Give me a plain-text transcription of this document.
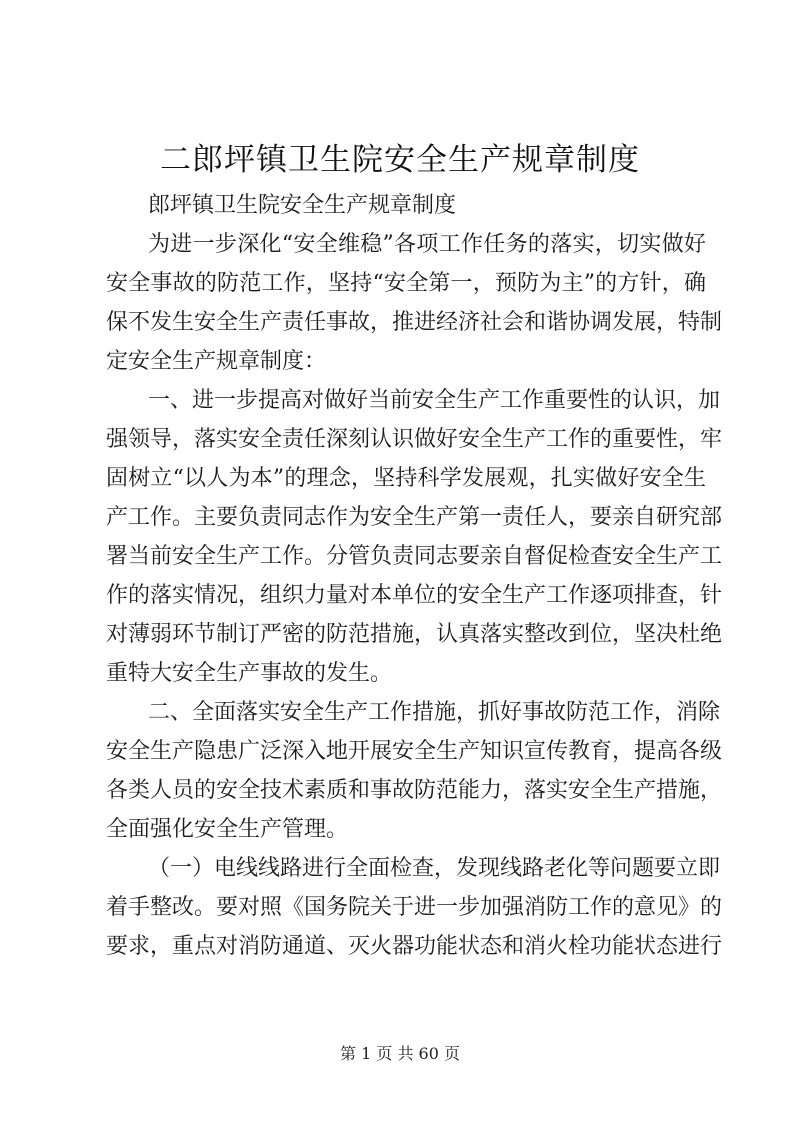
二郎坪镇卫生院安全生产规章制度
郎坪镇卫生院安全生产规章制度
为进一步深化“安全维稳”各项工作任务的落实，切实做好
安全事故的防范工作，坚持“安全第一，预防为主”的方针，确
保不发生安全生产责任事故，推进经济社会和谐协调发展，特制
定安全生产规章制度：
一、进一步提高对做好当前安全生产工作重要性的认识，加
强领导，落实安全责任深刻认识做好安全生产工作的重要性，牢
固树立“以人为本”的理念，坚持科学发展观，扎实做好安全生
产工作。主要负责同志作为安全生产第一责任人，要亲自研究部
署当前安全生产工作。分管负责同志要亲自督促检查安全生产工
作的落实情况，组织力量对本单位的安全生产工作逐项排查，针
对薄弱环节制订严密的防范措施，认真落实整改到位，坚决杜绝
重特大安全生产事故的发生。
二、全面落实安全生产工作措施，抓好事故防范工作，消除
安全生产隐患广泛深入地开展安全生产知识宣传教育，提高各级
各类人员的安全技术素质和事故防范能力，落实安全生产措施，
全面强化安全生产管理。
（一）电线线路进行全面检查，发现线路老化等问题要立即
着手整改。要对照《国务院关于进一步加强消防工作的意见》的
要求，重点对消防通道、灭火器功能状态和消火栓功能状态进行
第 1 页 共 60 页
